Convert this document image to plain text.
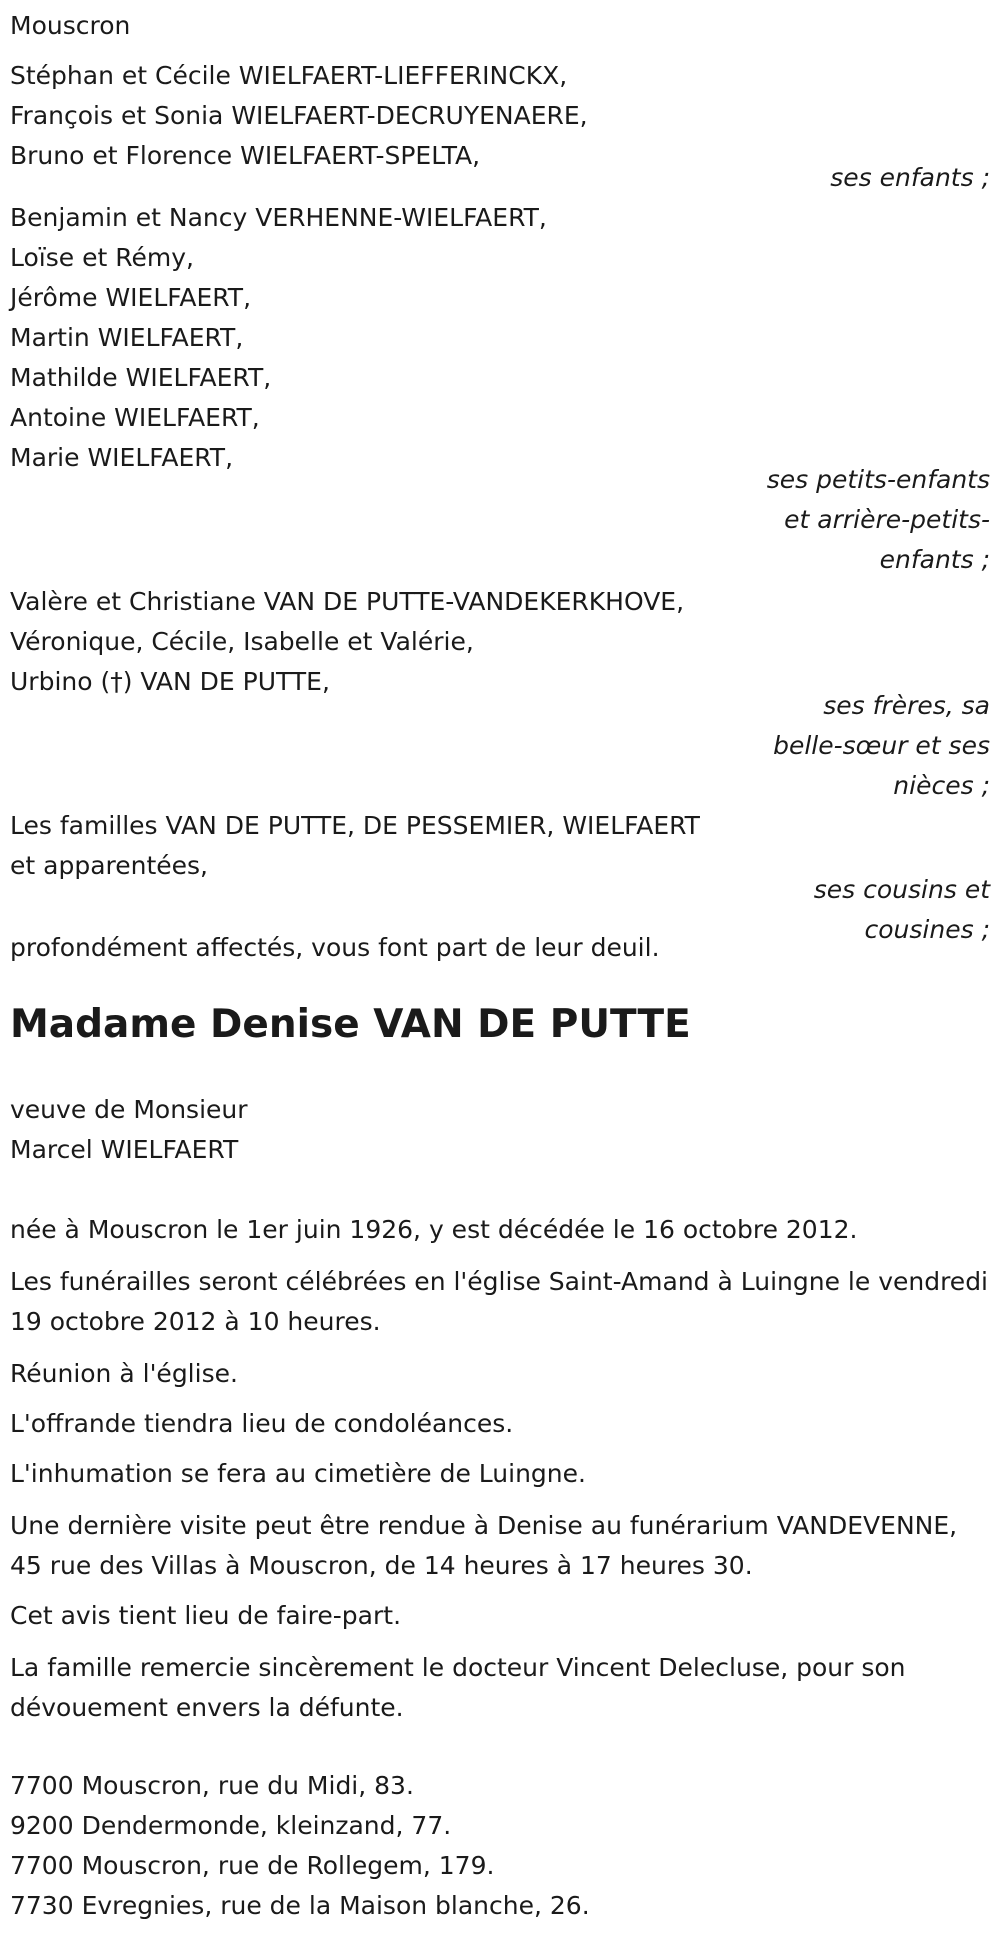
Mouscron
Stéphan et Cécile WIELFAERT-LIEFFERINCKX,
François et Sonia WIELFAERT-DECRUYENAERE,
Bruno et Florence WIELFAERT-SPELTA,
ses enfants ;
Benjamin et Nancy VERHENNE-WIELFAERT,
Loïse et Rémy,
Jérôme WIELFAERT,
Martin WIELFAERT,
Mathilde WIELFAERT,
Antoine WIELFAERT,
Marie WIELFAERT,
ses petits-enfants
et arrière-petits-
enfants ;
Valère et Christiane VAN DE PUTTE-VANDEKERKHOVE,
Véronique, Cécile, Isabelle et Valérie,
Urbino (†) VAN DE PUTTE,
ses frères, sa
belle-sœur et ses
nièces ;
Les familles VAN DE PUTTE, DE PESSEMIER, WIELFAERT
et apparentées,
ses cousins et
cousines ;
profondément affectés, vous font part de leur deuil.
Madame Denise VAN DE PUTTE
veuve de Monsieur
Marcel WIELFAERT
née à Mouscron le 1er juin 1926, y est décédée le 16 octobre 2012.
Les funérailles seront célébrées en l'église Saint-Amand à Luingne le vendredi 19 octobre 2012 à 10 heures.
Réunion à l'église.
L'offrande tiendra lieu de condoléances.
L'inhumation se fera au cimetière de Luingne.
Une dernière visite peut être rendue à Denise au funérarium VANDEVENNE, 45 rue des Villas à Mouscron, de 14 heures à 17 heures 30.
Cet avis tient lieu de faire-part.
La famille remercie sincèrement le docteur Vincent Delecluse, pour son dévouement envers la défunte.
7700 Mouscron, rue du Midi, 83.
9200 Dendermonde, kleinzand, 77.
7700 Mouscron, rue de Rollegem, 179.
7730 Evregnies, rue de la Maison blanche, 26.
